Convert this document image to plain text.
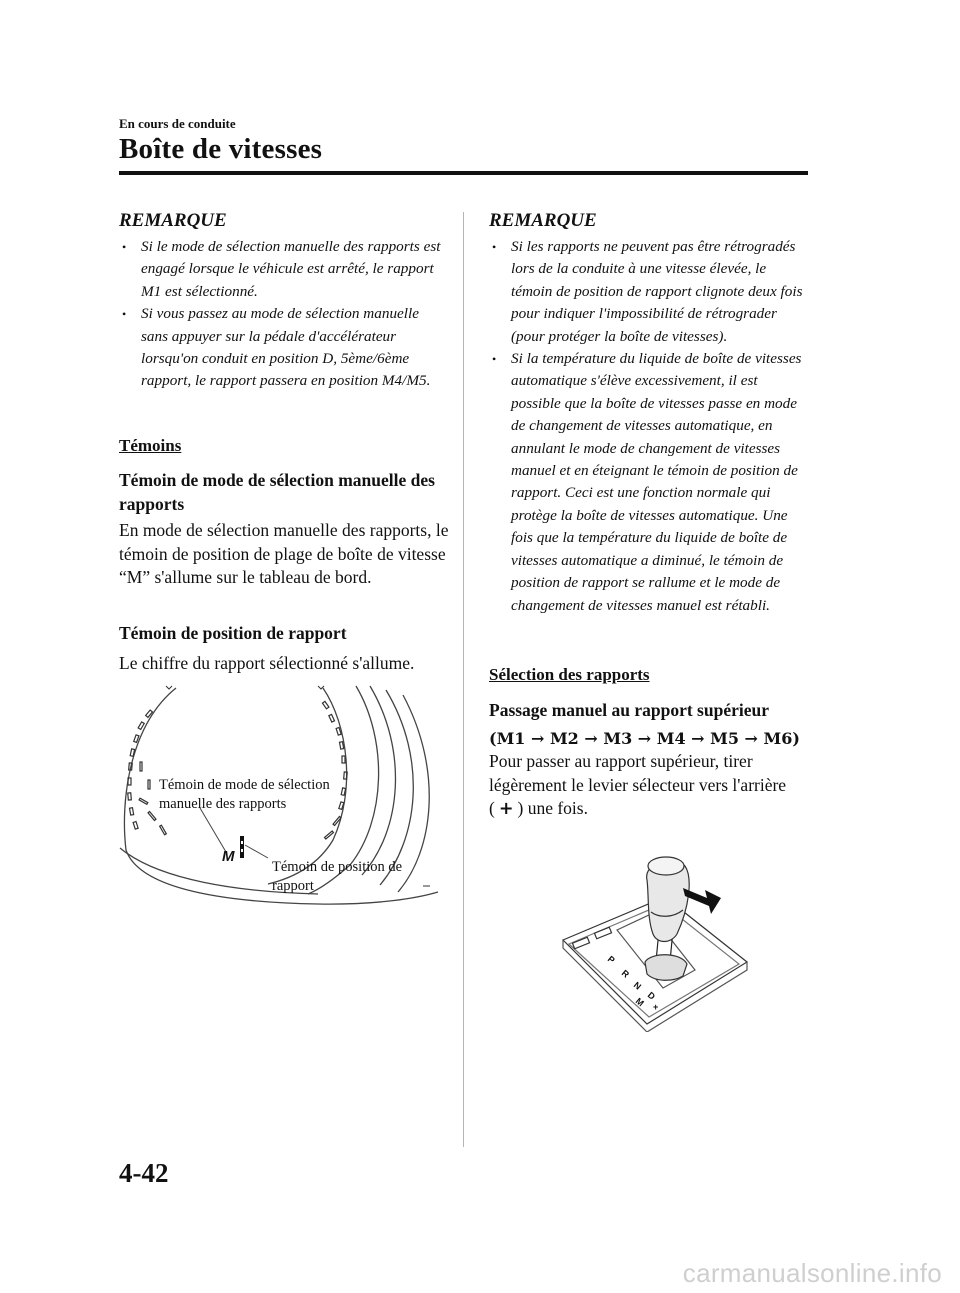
En cours de conduite
Boîte de vitesses
REMARQUE
• Si le mode de sélection manuelle des rapports est engagé lorsque le véhicule est arrêté, le rapport M1 est sélectionné.
• Si vous passez au mode de sélection manuelle sans appuyer sur la pédale d'accélérateur lorsqu'on conduit en position D, 5ème/6ème rapport, le rapport passera en position M4/M5.
Témoins
Témoin de mode de sélection manuelle des rapports
En mode de sélection manuelle des rapports, le témoin de position de plage de boîte de vitesse “M” s'allume sur le tableau de bord.
Témoin de position de rapport
Le chiffre du rapport sélectionné s'allume.
Témoin de mode de sélection manuelle des rapports
M
Témoin de position de rapport
REMARQUE
• Si les rapports ne peuvent pas être rétrogradés lors de la conduite à une vitesse élevée, le témoin de position de rapport clignote deux fois pour indiquer l'impossibilité de rétrograder (pour protéger la boîte de vitesses).
• Si la température du liquide de boîte de vitesses automatique s'élève excessivement, il est possible que la boîte de vitesses passe en mode de changement de vitesses automatique, en annulant le mode de changement de vitesses manuel et en éteignant le témoin de position de rapport. Ceci est une fonction normale qui protège la boîte de vitesses automatique. Une fois que la température du liquide de boîte de vitesses automatique a diminué, le témoin de position de rapport se rallume et le mode de changement de vitesses manuel est rétabli.
Sélection des rapports
Passage manuel au rapport supérieur
(M1 → M2 → M3 → M4 → M5 → M6)
Pour passer au rapport supérieur, tirer légèrement le levier sélecteur vers l'arrière ( + ) une fois.
P
R
N
D
M +
4-42
carmanualsonline.info
